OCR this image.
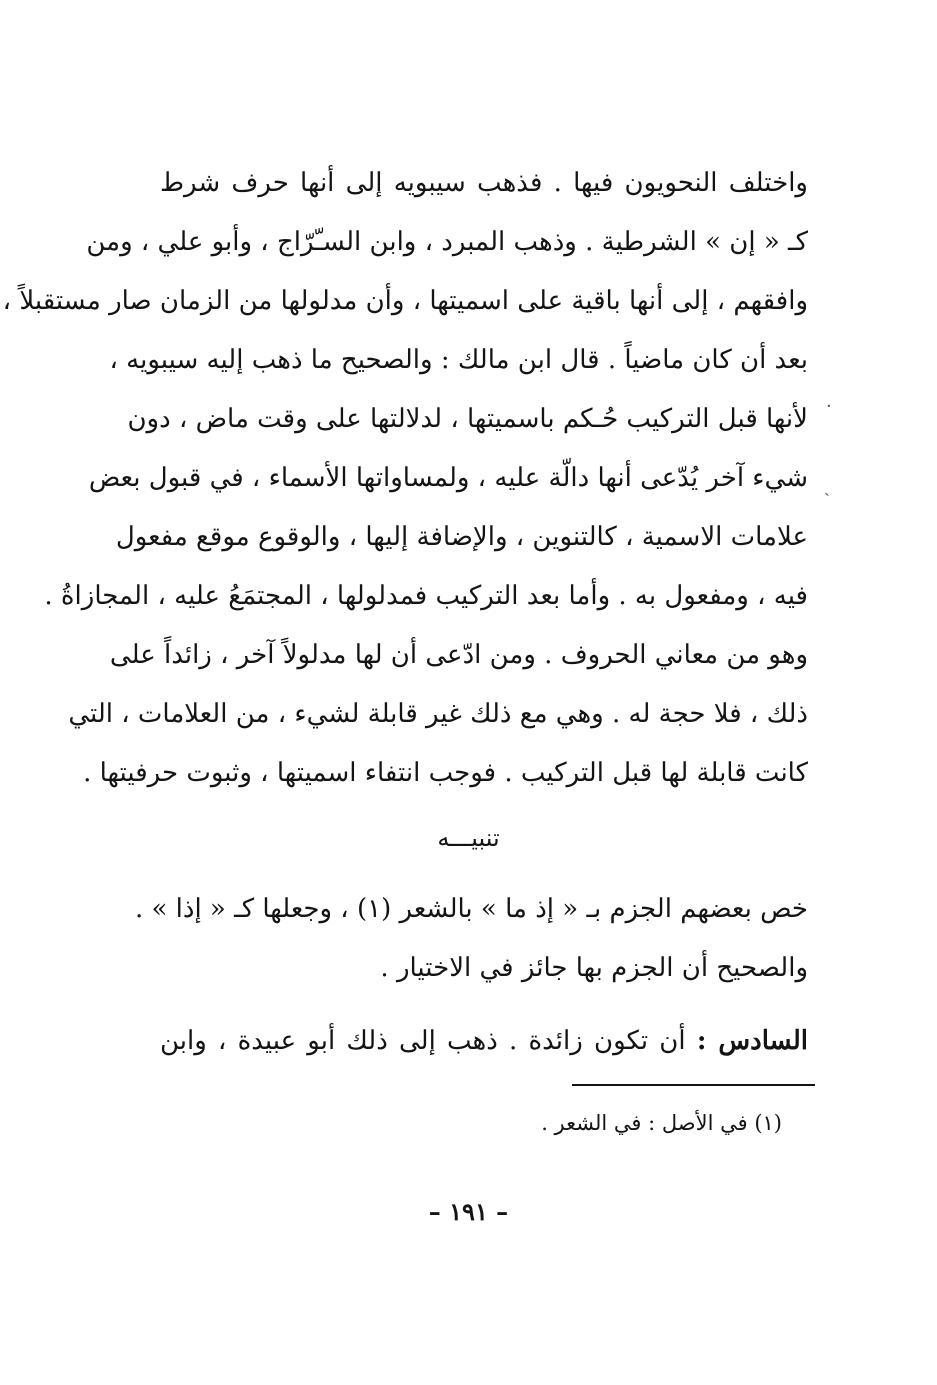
واختلف النحويون فيها . فذهب سيبويه إلى أنها حرف شرط
كـ « إن » الشرطية . وذهب المبرد ، وابن السـّرّاج ، وأبو علي ، ومن
وافقهم ، إلى أنها باقية على اسميتها ، وأن مدلولها من الزمان صار مستقبلاً ،
بعد أن كان ماضياً . قال ابن مالك : والصحيح ما ذهب إليه سيبويه ،
لأنها قبل التركيب حُـكم باسميتها ، لدلالتها على وقت ماض ، دون
شيء آخر يُدّعى أنها دالّة عليه ، ولمساواتها الأسماء ، في قبول بعض
علامات الاسمية ، كالتنوين ، والإضافة إليها ، والوقوع موقع مفعول
فيه ، ومفعول به . وأما بعد التركيب فمدلولها ، المجتمَعُ عليه ، المجازاةُ .
وهو من معاني الحروف . ومن ادّعى أن لها مدلولاً آخر ، زائداً على
ذلك ، فلا حجة له . وهي مع ذلك غير قابلة لشيء ، من العلامات ، التي
كانت قابلة لها قبل التركيب . فوجب انتفاء اسميتها ، وثبوت حرفيتها .
تنبيـــه
خص بعضهم الجزم بـ « إذ ما » بالشعر (١) ، وجعلها كـ « إذا » .
والصحيح أن الجزم بها جائز في الاختيار .
السادس : أن تكون زائدة . ذهب إلى ذلك أبو عبيدة ، وابن
(١) في الأصل : في الشعر .
– ١٩١ –
·
ˎ
